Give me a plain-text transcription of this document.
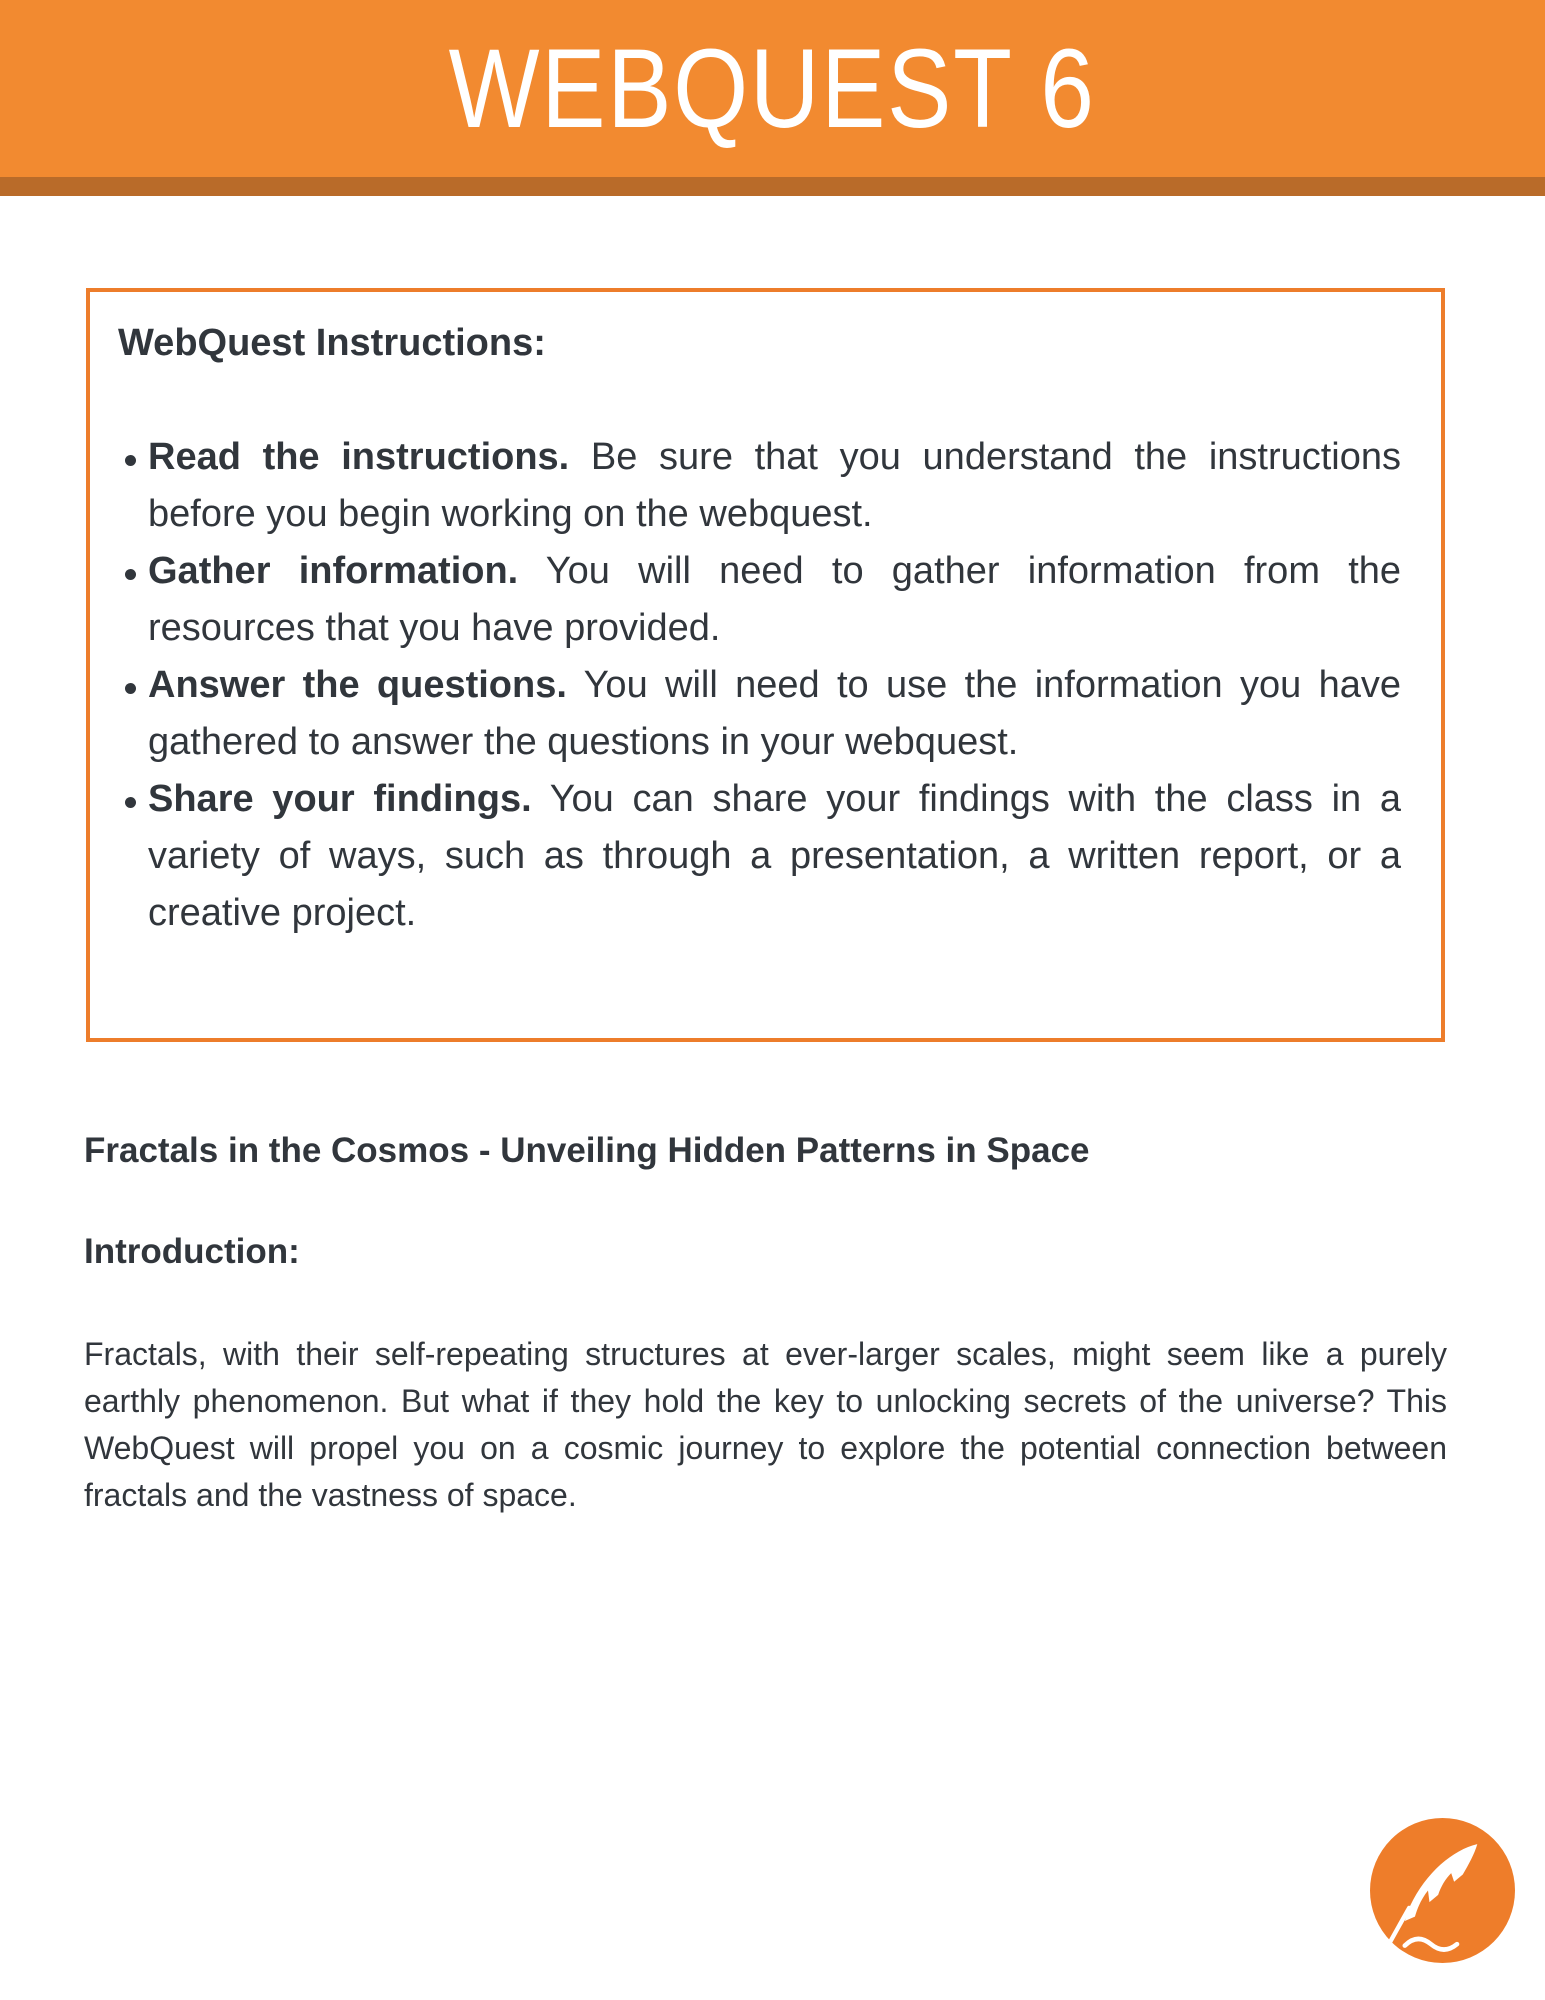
WEBQUEST 6
WebQuest Instructions:
Read the instructions. Be sure that you understand the instructions before you begin working on the webquest.
Gather information. You will need to gather information from the resources that you have provided.
Answer the questions. You will need to use the information you have gathered to answer the questions in your webquest.
Share your findings. You can share your findings with the class in a variety of ways, such as through a presentation, a written report, or a creative project.
Fractals in the Cosmos - Unveiling Hidden Patterns in Space
Introduction:

Fractals, with their self-repeating structures at ever-larger scales, might seem like a purely earthly phenomenon. But what if they hold the key to unlocking secrets of the universe? This WebQuest will propel you on a cosmic journey to explore the potential connection between fractals and the vastness of space.
